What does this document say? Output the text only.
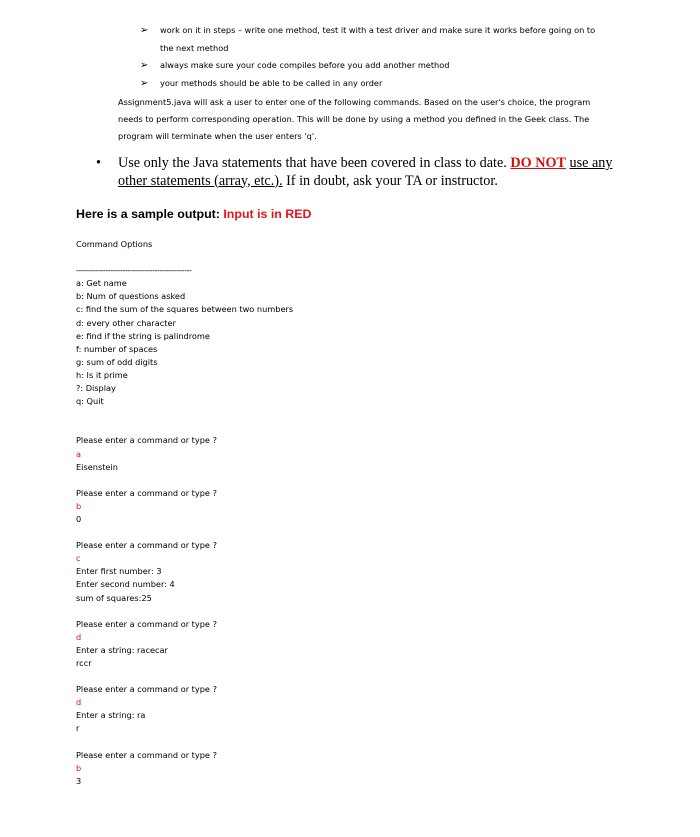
➢ work on it in steps – write one method, test it with a test driver and make sure it works before going on to
the next method
➢ always make sure your code compiles before you add another method
➢ your methods should be able to be called in any order
Assignment5.java will ask a user to enter one of the following commands. Based on the user's choice, the program
needs to perform corresponding operation. This will be done by using a method you defined in the Geek class. The
program will terminate when the user enters 'q'.
• Use only the Java statements that have been covered in class to date. DO NOT use any
other statements (array, etc.). If in doubt, ask your TA or instructor.
Here is a sample output: Input is in RED
Command Options
-----------------------------------------------
a: Get name
b: Num of questions asked
c: find the sum of the squares between two numbers
d: every other character
e: find if the string is palindrome
f: number of spaces
g: sum of odd digits
h: Is it prime
?: Display
q: Quit
Please enter a command or type ?
a
Eisenstein
Please enter a command or type ?
b
0
Please enter a command or type ?
c
Enter first number: 3
Enter second number: 4
sum of squares:25
Please enter a command or type ?
d
Enter a string: racecar
rccr
Please enter a command or type ?
d
Enter a string: ra
r
Please enter a command or type ?
b
3
